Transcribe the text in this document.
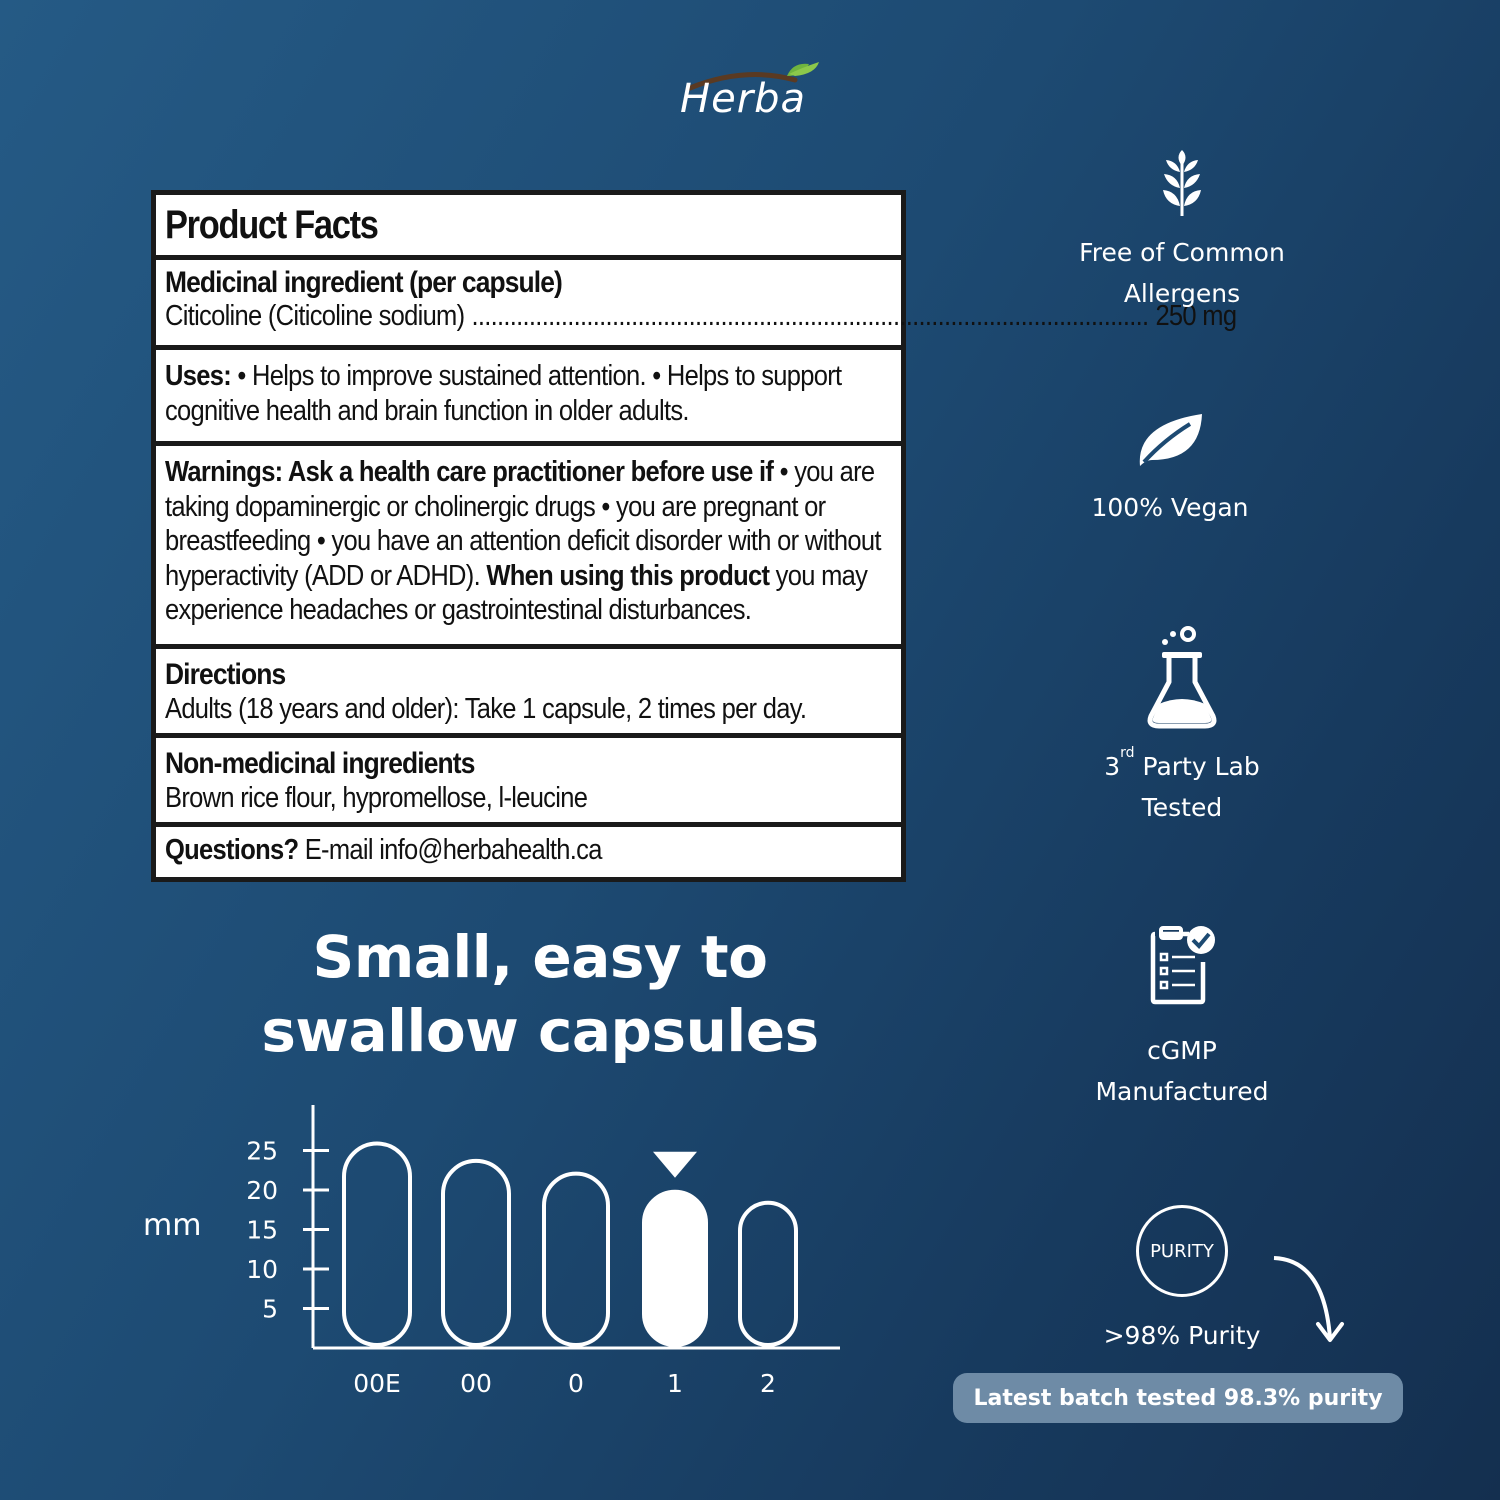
Herba
Product Facts
Medicinal ingredient (per capsule)
Citicoline (Citicoline sodium) .......................................................................................................... 250 mg
Uses: • Helps to improve sustained attention. • Helps to support cognitive health and brain function in older adults.
Warnings: Ask a health care practitioner before use if • you are taking dopaminergic or cholinergic drugs • you are pregnant or breastfeeding • you have an attention deficit disorder with or without hyperactivity (ADD or ADHD). When using this product you may experience headaches or gastrointestinal disturbances.
Directions
Adults (18 years and older): Take 1 capsule, 2 times per day.
Non-medicinal ingredients
Brown rice flour, hypromellose, l-leucine
Questions? E-mail info@herbahealth.ca
Small, easy to
swallow capsules
mm
5
10
15
20
25
00E 00	0	1	2
Free of Common
Allergens
100% Vegan
3rd Party Lab
Tested
cGMP
Manufactured
PURITY
>98% Purity
Latest batch tested 98.3% purity
